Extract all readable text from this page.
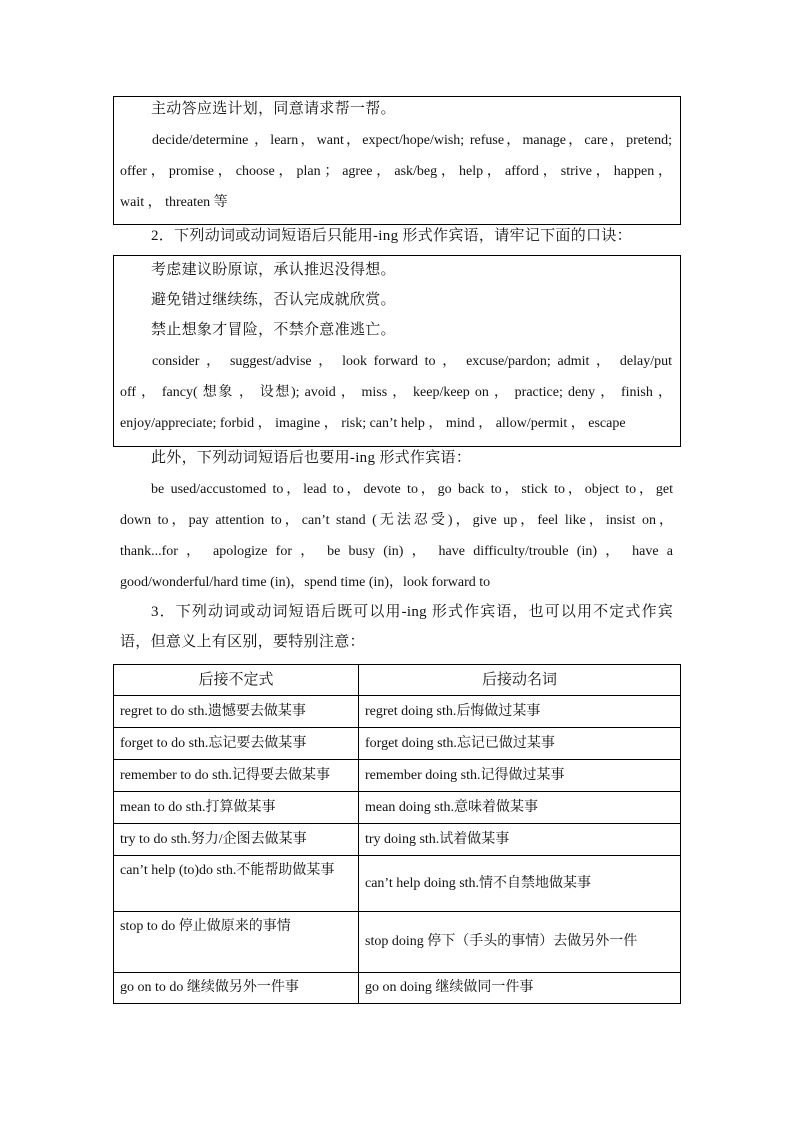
主动答应选计划，同意请求帮一帮。
decide/determine ，learn，want，expect/hope/wish; refuse，manage，care，pretend;
offer ， promise ， choose ， plan ； agree ， ask/beg ， help ， afford ， strive ， happen ，
wait ， threaten 等
2．下列动词或动词短语后只能用-ing 形式作宾语，请牢记下面的口诀：
考虑建议盼原谅，承认推迟没得想。
避免错过继续练，否认完成就欣赏。
禁止想象才冒险，不禁介意准逃亡。
consider ， suggest/advise ， look forward to ， excuse/pardon; admit ， delay/put
off ， fancy( 想象 ， 设想); avoid ， miss ， keep/keep on ， practice; deny ， finish ，
enjoy/appreciate; forbid ， imagine ， risk; can’t help ， mind ， allow/permit ， escape
此外，下列动词短语后也要用-ing 形式作宾语：
be used/accustomed to，lead to，devote to，go back to，stick to，object to，get
down to，pay attention to，can’t stand (无法忍受)，give up，feel like，insist on，
thank...for ， apologize for ， be busy (in) ， have difficulty/trouble (in) ， have a
good/wonderful/hard time (in)，spend time (in)，look forward to
3．下列动词或动词短语后既可以用-ing 形式作宾语，也可以用不定式作宾
语，但意义上有区别，要特别注意：
后接不定式	后接动名词
regret to do sth.遗憾要去做某事	regret doing sth.后悔做过某事
forget to do sth.忘记要去做某事	forget doing sth.忘记已做过某事
remember to do sth.记得要去做某事	remember doing sth.记得做过某事
mean to do sth.打算做某事	mean doing sth.意味着做某事
try to do sth.努力/企图去做某事	try doing sth.试着做某事
can’t help (to)do sth.不能帮助做某事	can’t help doing sth.情不自禁地做某事
stop to do 停止做原来的事情	stop doing 停下（手头的事情）去做另外一件
go on to do 继续做另外一件事	go on doing 继续做同一件事
